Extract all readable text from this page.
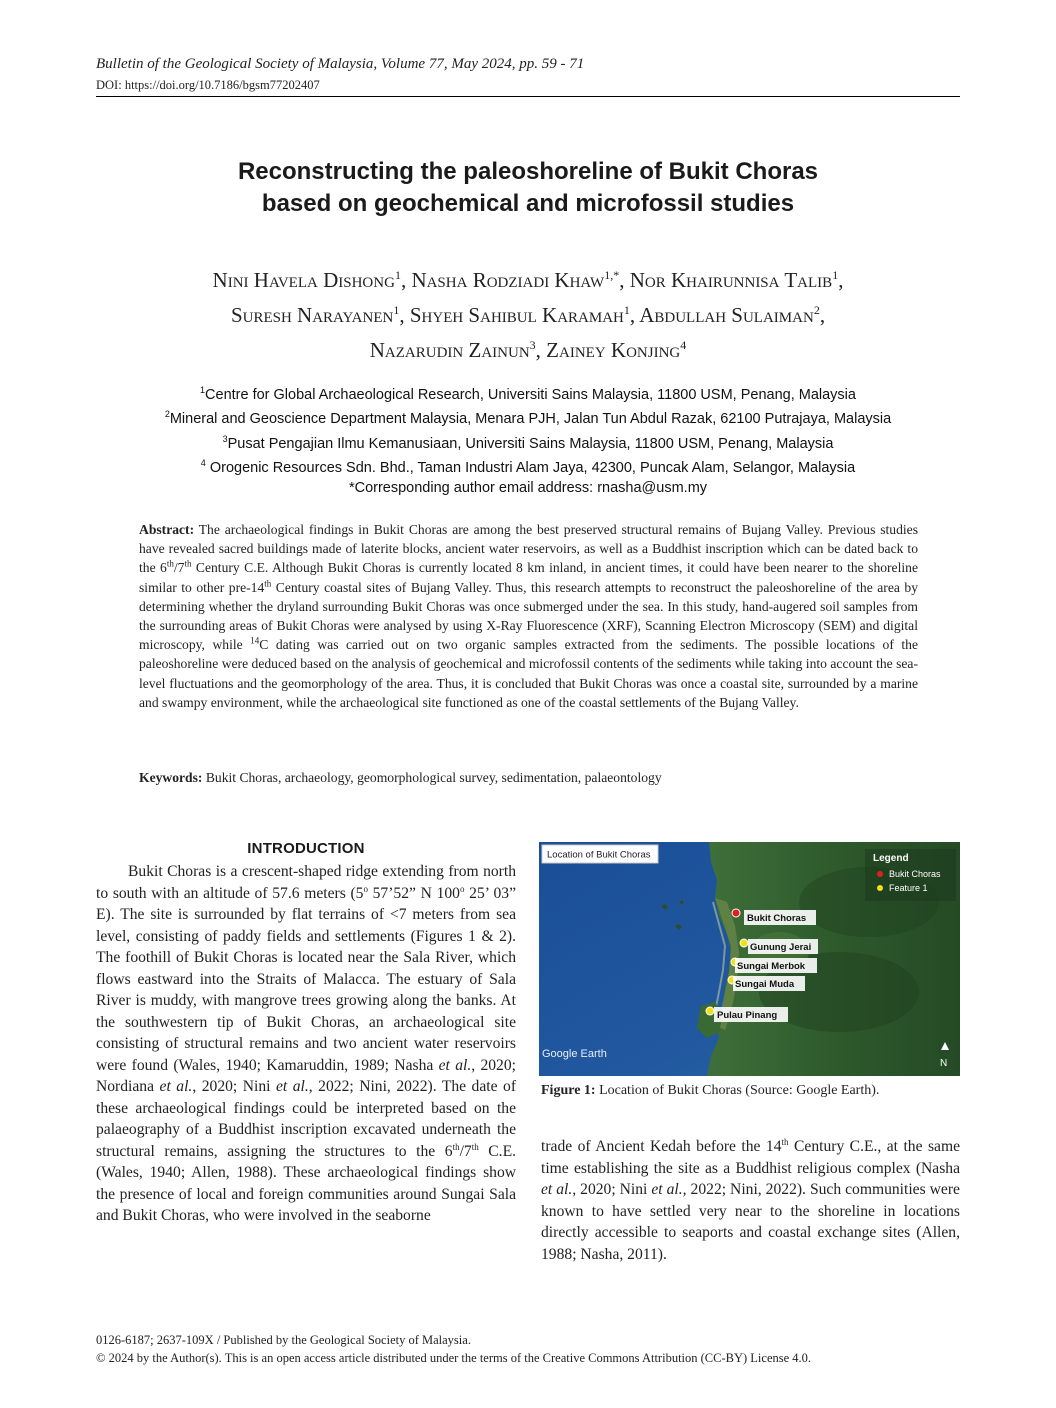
Bulletin of the Geological Society of Malaysia, Volume 77, May 2024, pp. 59 - 71
DOI: https://doi.org/10.7186/bgsm77202407
Reconstructing the paleoshoreline of Bukit Choras
based on geochemical and microfossil studies
Nini Havela Dishong$^1$, Nasha Rodziadi Khaw$^{1,*}$, Nor Khairunnisa Talib$^1$,
Suresh Narayanen$^1$, Shyeh Sahibul Karamah$^1$, Abdullah Sulaiman$^2$,
Nazarudin Zainun$^3$, Zainey Konjing$^4$
$^1$Centre for Global Archaeological Research, Universiti Sains Malaysia, 11800 USM, Penang, Malaysia
$^2$Mineral and Geoscience Department Malaysia, Menara PJH, Jalan Tun Abdul Razak, 62100 Putrajaya, Malaysia
$^3$Pusat Pengajian Ilmu Kemanusiaan, Universiti Sains Malaysia, 11800 USM, Penang, Malaysia
$^4$ Orogenic Resources Sdn. Bhd., Taman Industri Alam Jaya, 42300, Puncak Alam, Selangor, Malaysia
*Corresponding author email address: rnasha@usm.my
Abstract: The archaeological findings in Bukit Choras are among the best preserved structural remains of Bujang Valley. Previous studies have revealed sacred buildings made of laterite blocks, ancient water reservoirs, as well as a Buddhist inscription which can be dated back to the 6th/7th Century C.E. Although Bukit Choras is currently located 8 km inland, in ancient times, it could have been nearer to the shoreline similar to other pre-14th Century coastal sites of Bujang Valley. Thus, this research attempts to reconstruct the paleoshoreline of the area by determining whether the dryland surrounding Bukit Choras was once submerged under the sea. In this study, hand-augered soil samples from the surrounding areas of Bukit Choras were analysed by using X-Ray Fluorescence (XRF), Scanning Electron Microscopy (SEM) and digital microscopy, while $^{14}$C dating was carried out on two organic samples extracted from the sediments. The possible locations of the paleoshoreline were deduced based on the analysis of geochemical and microfossil contents of the sediments while taking into account the sea-level fluctuations and the geomorphology of the area. Thus, it is concluded that Bukit Choras was once a coastal site, surrounded by a marine and swampy environment, while the archaeological site functioned as one of the coastal settlements of the Bujang Valley.
Keywords: Bukit Choras, archaeology, geomorphological survey, sedimentation, palaeontology
INTRODUCTION

Bukit Choras is a crescent-shaped ridge extending from north to south with an altitude of 57.6 meters (5$^o$ 57’52” N 100$^o$ 25’ 03” E). The site is surrounded by flat terrains of <7 meters from sea level, consisting of paddy fields and settlements (Figures 1 & 2). The foothill of Bukit Choras is located near the Sala River, which flows eastward into the Straits of Malacca. The estuary of Sala River is muddy, with mangrove trees growing along the banks. At the southwestern tip of Bukit Choras, an archaeological site consisting of structural remains and two ancient water reservoirs were found (Wales, 1940; Kamaruddin, 1989; Nasha et al., 2020; Nordiana et al., 2020; Nini et al., 2022; Nini, 2022). The date of these archaeological findings could be interpreted based on the palaeography of a Buddhist inscription excavated underneath the structural remains, assigning the structures to the 6th/7th C.E. (Wales, 1940; Allen, 1988). These archaeological findings show the presence of local and foreign communities around Sungai Sala and Bukit Choras, who were involved in the seaborne

Location of Bukit Choras	Legend
Bukit Choras
Feature 1
Bukit Choras
Gunung Jerai
Sungai Merbok
Sungai Muda
Pulau Pinang
Google Earth
N
Figure 1: Location of Bukit Choras (Source: Google Earth).
trade of Ancient Kedah before the 14th Century C.E., at the same time establishing the site as a Buddhist religious complex (Nasha et al., 2020; Nini et al., 2022; Nini, 2022). Such communities were known to have settled very near to the shoreline in locations directly accessible to seaports and coastal exchange sites (Allen, 1988; Nasha, 2011).
0126-6187; 2637-109X / Published by the Geological Society of Malaysia.
© 2024 by the Author(s). This is an open access article distributed under the terms of the Creative Commons Attribution (CC-BY) License 4.0.
